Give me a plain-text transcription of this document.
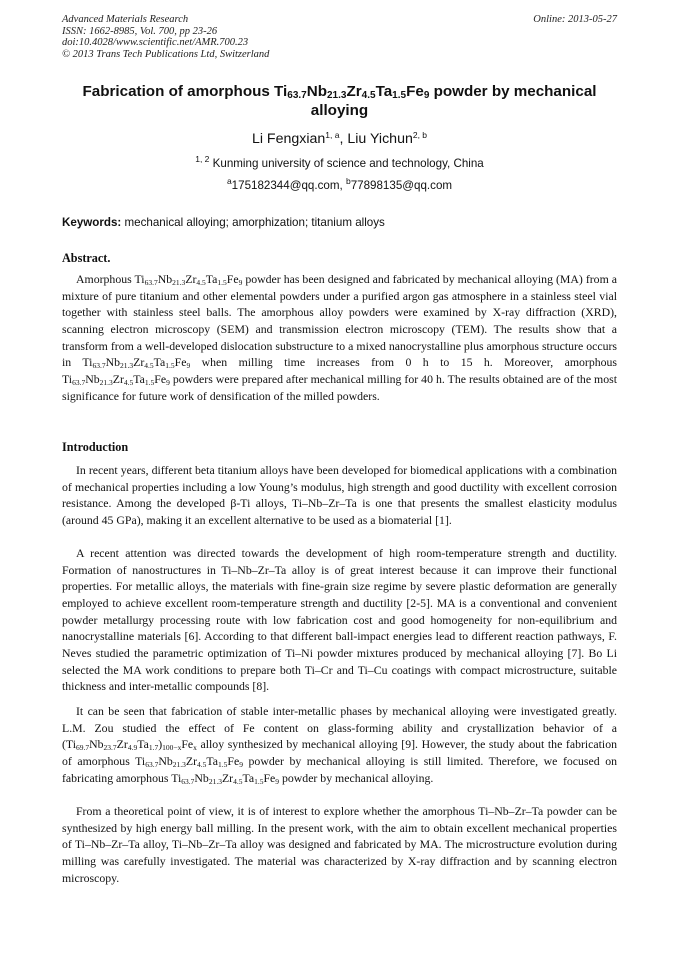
Advanced Materials Research
ISSN: 1662-8985, Vol. 700, pp 23-26
doi:10.4028/www.scientific.net/AMR.700.23
© 2013 Trans Tech Publications Ltd, Switzerland
Online: 2013-05-27
Fabrication of amorphous $Ti_{63.7}Nb_{21.3}Zr_{4.5}Ta_{1.5}Fe_9$ powder by mechanical alloying
Li Fengxian$^{1, a}$, Liu Yichun$^{2, b}$
$^{1, 2}$ Kunming university of science and technology, China
$^a$175182344@qq.com, $^b$77898135@qq.com
Keywords: mechanical alloying; amorphization; titanium alloys
Abstract.
Amorphous $Ti_{63.7}Nb_{21.3}Zr_{4.5}Ta_{1.5}Fe_9$ powder has been designed and fabricated by mechanical alloying (MA) from a mixture of pure titanium and other elemental powders under a purified argon gas atmosphere in a stainless steel vial together with stainless steel balls. The amorphous alloy powders were examined by X-ray diffraction (XRD), scanning electron microscopy (SEM) and transmission electron microscopy (TEM). The results show that a transform from a well-developed dislocation substructure to a mixed nanocrystalline plus amorphous structure occurs in $Ti_{63.7}Nb_{21.3}Zr_{4.5}Ta_{1.5}Fe_9$ when milling time increases from 0 h to 15 h. Moreover, amorphous $Ti_{63.7}Nb_{21.3}Zr_{4.5}Ta_{1.5}Fe_9$ powders were prepared after mechanical milling for 40 h. The results obtained are of the most significance for future work of densification of the milled powders.
Introduction
In recent years, different beta titanium alloys have been developed for biomedical applications with a combination of mechanical properties including a low Young’s modulus, high strength and good ductility with excellent corrosion resistance. Among the developed β-Ti alloys, Ti–Nb–Zr–Ta is one that presents the smallest elasticity modulus (around 45 GPa), making it an excellent alternative to be used as a biomaterial [1].
A recent attention was directed towards the development of high room-temperature strength and ductility. Formation of nanostructures in Ti–Nb–Zr–Ta alloy is of great interest because it can improve their functional properties. For metallic alloys, the materials with fine-grain size regime by severe plastic deformation are generally employed to achieve excellent room-temperature strength and ductility [2-5]. MA is a conventional and convenient powder metallurgy processing route with low fabrication cost and good homogeneity for non-equilibrium and nanocrystalline materials [6]. According to that different ball-impact energies lead to different reaction pathways, F. Neves studied the parametric optimization of Ti–Ni powder mixtures produced by mechanical alloying [7]. Bo Li selected the MA work conditions to prepare both Ti–Cr and Ti–Cu coatings with compact microstructure, suitable thickness and inter-metallic compounds [8].
It can be seen that fabrication of stable inter-metallic phases by mechanical alloying were investigated greatly. L.M. Zou studied the effect of Fe content on glass-forming ability and crystallization behavior of a $(Ti_{69.7}Nb_{23.7}Zr_{4.9}Ta_{1.7})_{100-x}Fe_x$ alloy synthesized by mechanical alloying [9]. However, the study about the fabrication of amorphous $Ti_{63.7}Nb_{21.3}Zr_{4.5}Ta_{1.5}Fe_9$ powder by mechanical alloying is still limited. Therefore, we focused on fabricating amorphous $Ti_{63.7}Nb_{21.3}Zr_{4.5}Ta_{1.5}Fe_9$ powder by mechanical alloying.
From a theoretical point of view, it is of interest to explore whether the amorphous Ti–Nb–Zr–Ta powder can be synthesized by high energy ball milling. In the present work, with the aim to obtain excellent mechanical properties of Ti–Nb–Zr–Ta alloy, Ti–Nb–Zr–Ta alloy was designed and fabricated by MA. The microstructure evolution during milling was carefully investigated. The material was characterized by X-ray diffraction and by scanning electron microscopy.
